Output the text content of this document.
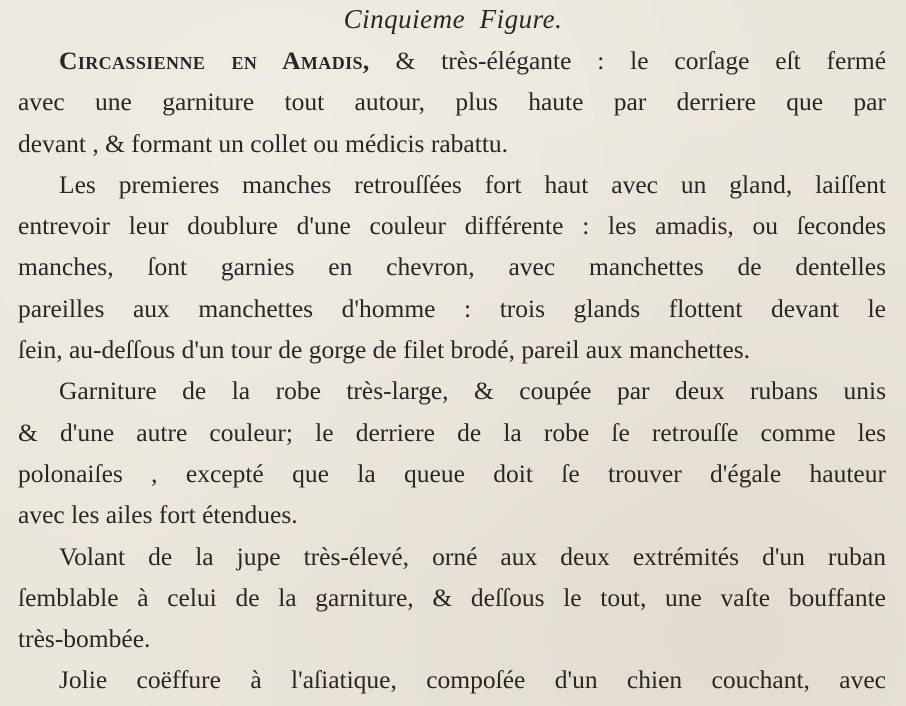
Cinquieme  Figure.
Circassienne en Amadis, & très-élégante : le corſage eſt fermé
avec une garniture tout autour, plus haute par derriere que par
devant , & formant un collet ou médicis rabattu.
Les premieres manches retrouſſées fort haut avec un gland, laiſſent
entrevoir leur doublure d'une couleur différente : les amadis, ou ſecondes
manches, ſont garnies en chevron, avec manchettes de dentelles
pareilles aux manchettes d'homme : trois glands flottent devant le
ſein, au-deſſous d'un tour de gorge de filet brodé, pareil aux manchettes.
Garniture de la robe très-large, & coupée par deux rubans unis
& d'une autre couleur; le derriere de la robe ſe retrouſſe comme les
polonaiſes , excepté que la queue doit ſe trouver d'égale hauteur
avec les ailes fort étendues.
Volant de la jupe très-élevé, orné aux deux extrémités d'un ruban
ſemblable à celui de la garniture, & deſſous le tout, une vaſte bouffante
très-bombée.
Jolie coëffure à l'aſiatique, compoſée d'un chien couchant, avec
